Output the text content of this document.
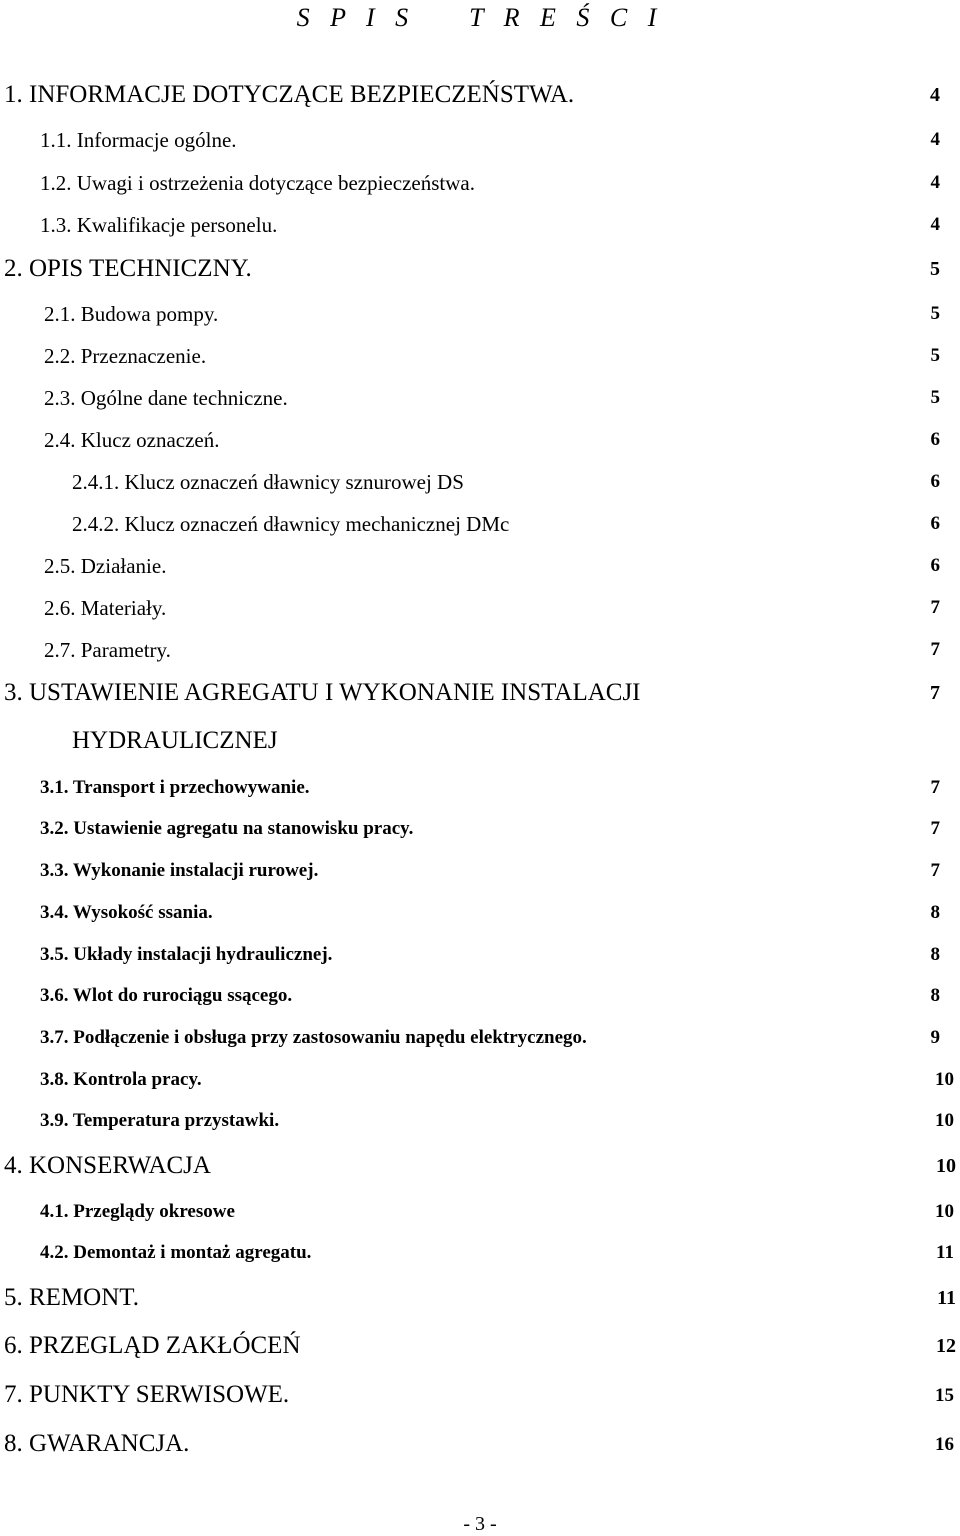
S P I S    T R E Ś C I
1. INFORMACJE DOTYCZĄCE BEZPIECZEŃSTWA.	4
1.1. Informacje ogólne.	4
1.2. Uwagi i ostrzeżenia dotyczące bezpieczeństwa.	4
1.3. Kwalifikacje personelu.	4
2. OPIS TECHNICZNY.	5
2.1. Budowa pompy.	5
2.2. Przeznaczenie.	5
2.3. Ogólne dane techniczne.	5
2.4. Klucz oznaczeń.	6
2.4.1. Klucz oznaczeń dławnicy sznurowej DS	6
2.4.2. Klucz oznaczeń dławnicy mechanicznej DMc	6
2.5. Działanie.	6
2.6. Materiały.	7
2.7. Parametry.	7
3. USTAWIENIE AGREGATU I WYKONANIE INSTALACJI	7
HYDRAULICZNEJ
3.1. Transport i przechowywanie.	7
3.2. Ustawienie agregatu na stanowisku pracy.	7
3.3. Wykonanie instalacji rurowej.	7
3.4. Wysokość ssania.	8
3.5. Układy instalacji hydraulicznej.	8
3.6. Wlot do rurociągu ssącego.	8
3.7. Podłączenie i obsługa przy zastosowaniu napędu elektrycznego.	9
3.8. Kontrola pracy.	10
3.9. Temperatura przystawki.	10
4. KONSERWACJA	10
4.1. Przeglądy okresowe	10
4.2. Demontaż i montaż agregatu.	11
5. REMONT.	11
6. PRZEGLĄD ZAKŁÓCEŃ	12
7. PUNKTY SERWISOWE.	15
8. GWARANCJA.	16
- 3 -
